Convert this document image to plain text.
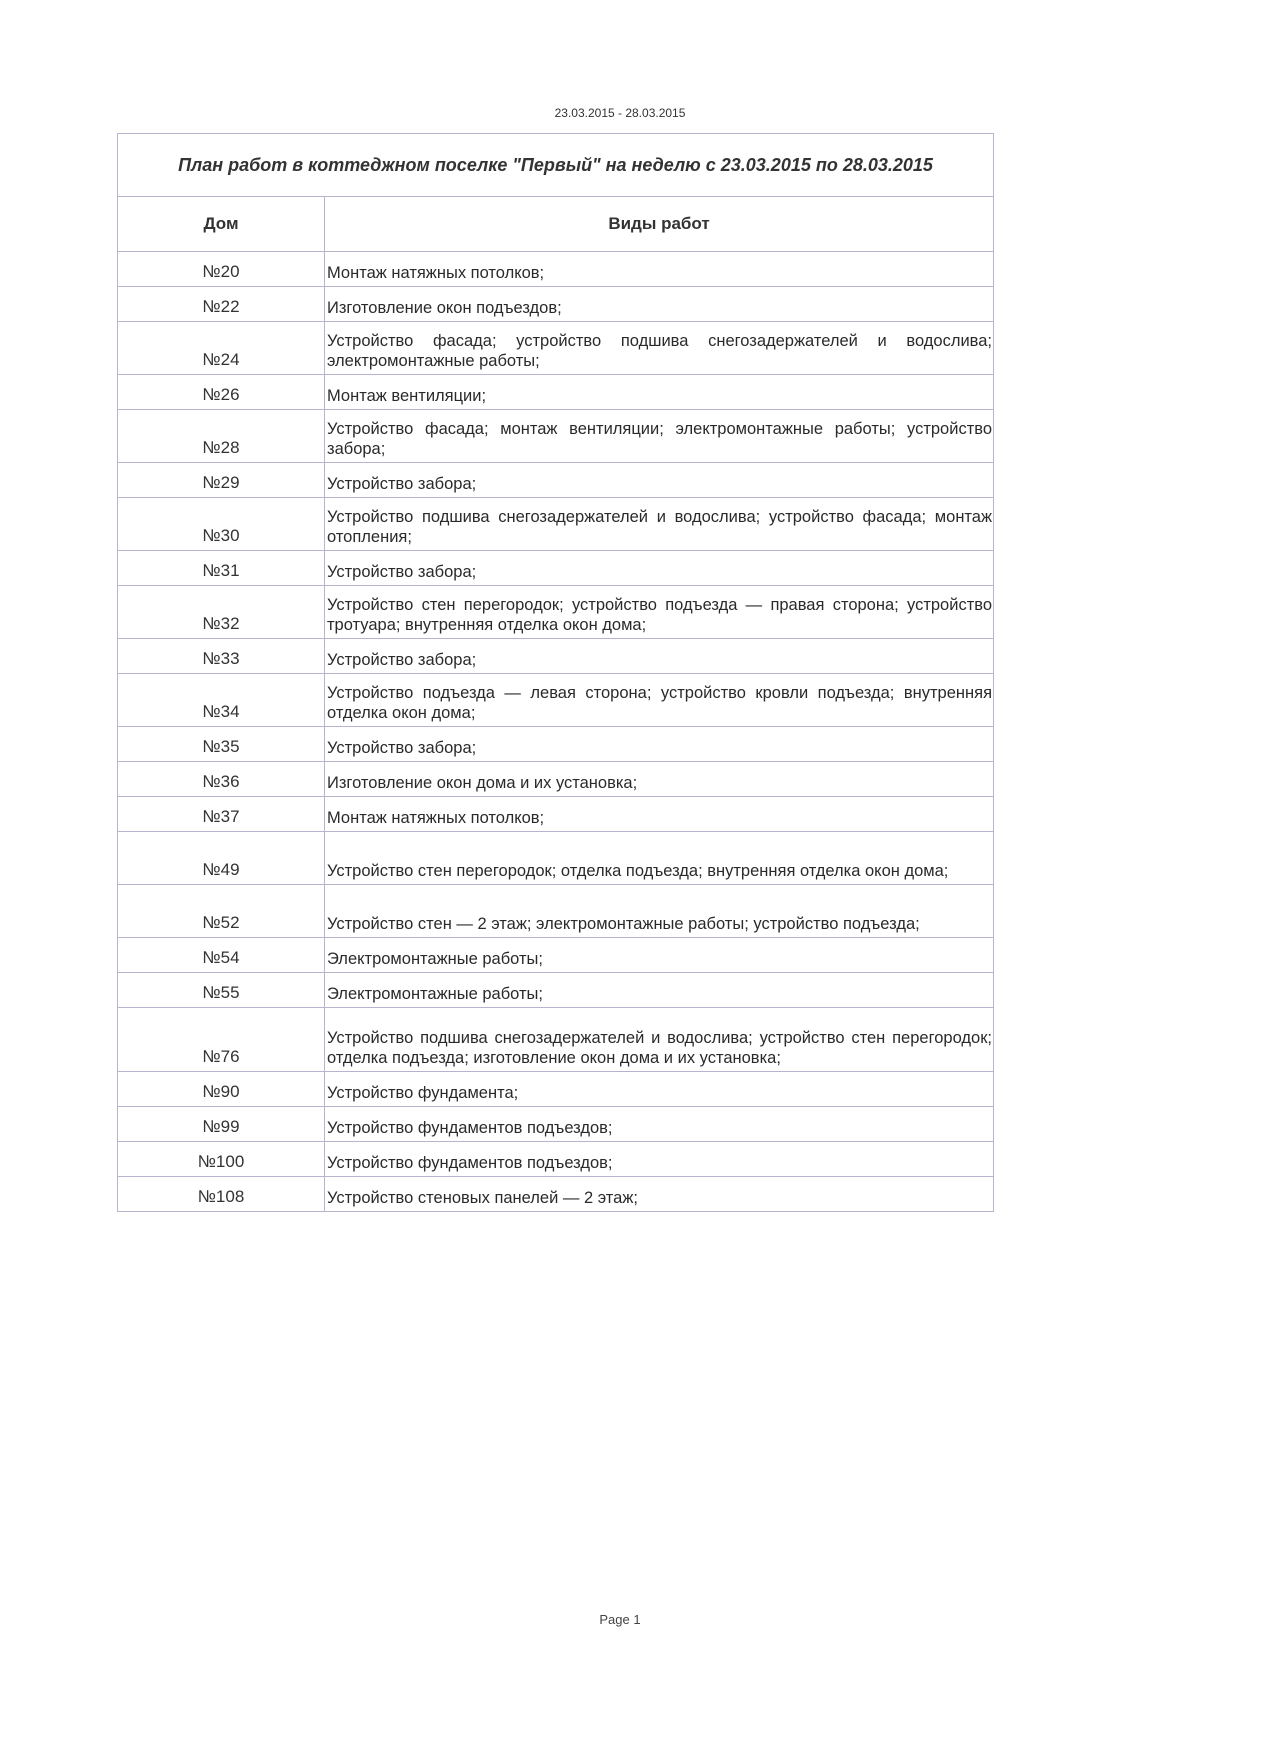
23.03.2015 - 28.03.2015
План работ в коттеджном поселке "Первый" на неделю с 23.03.2015 по 28.03.2015	
Дом	Виды работ
№20	Монтаж натяжных потолков;
№22	Изготовление окон подъездов;
№24	Устройство фасада; устройство подшива снегозадержателей и водослива; электромонтажные работы;
№26	Монтаж вентиляции;
№28	Устройство фасада; монтаж вентиляции; электромонтажные работы; устройство забора;
№29	Устройство забора;
№30	Устройство подшива снегозадержателей и водослива; устройство фасада; монтаж отопления;
№31	Устройство забора;
№32	Устройство стен перегородок; устройство подъезда — правая сторона; устройство тротуара; внутренняя отделка окон дома;
№33	Устройство забора;
№34	Устройство подъезда — левая сторона; устройство кровли подъезда; внутренняя отделка окон дома;
№35	Устройство забора;
№36	Изготовление окон дома и их установка;
№37	Монтаж натяжных потолков;
№49	Устройство стен перегородок; отделка подъезда; внутренняя отделка окон дома;
№52	Устройство стен — 2 этаж; электромонтажные работы; устройство подъезда;
№54	Электромонтажные работы;
№55	Электромонтажные работы;
№76	Устройство подшива снегозадержателей и водослива; устройство стен перегородок; отделка подъезда; изготовление окон дома и их установка;
№90	Устройство фундамента;
№99	Устройство фундаментов подъездов;
№100	Устройство фундаментов подъездов;
№108	Устройство стеновых панелей — 2 этаж;
Page 1
